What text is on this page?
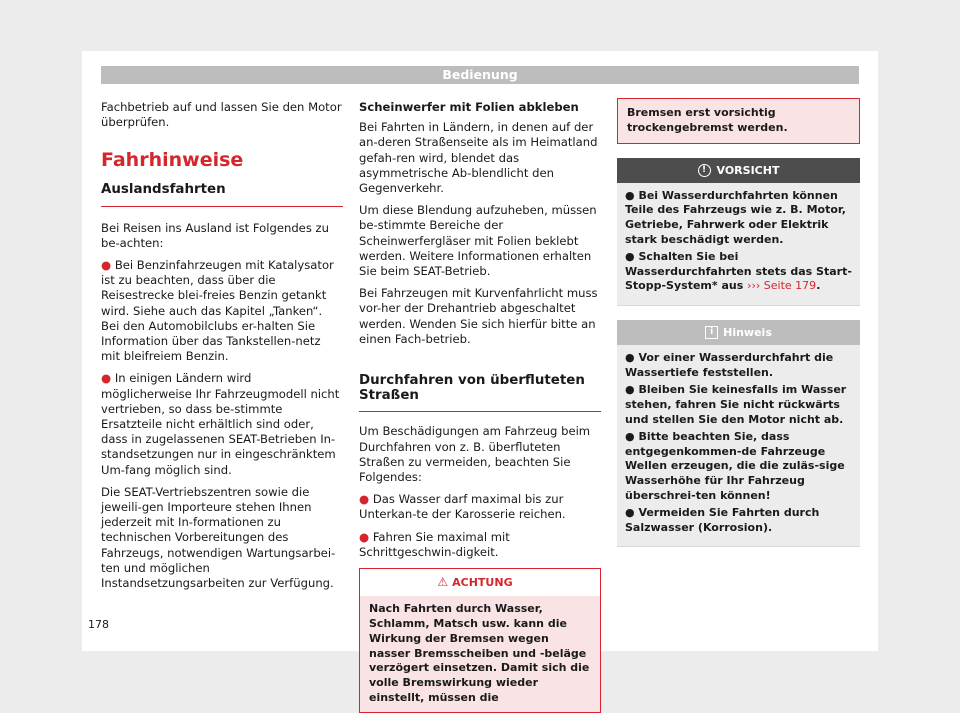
Bedienung

Fachbetrieb auf und lassen Sie den Motor überprüfen.

Fahrhinweise
Auslandsfahrten

Bei Reisen ins Ausland ist Folgendes zu be-achten:

● Bei Benzinfahrzeugen mit Katalysator ist zu beachten, dass über die Reisestrecke blei-freies Benzin getankt wird. Siehe auch das Kapitel „Tanken“. Bei den Automobilclubs er-halten Sie Information über das Tankstellen-netz mit bleifreiem Benzin.

● In einigen Ländern wird möglicherweise Ihr Fahrzeugmodell nicht vertrieben, so dass be-stimmte Ersatzteile nicht erhältlich sind oder, dass in zugelassenen SEAT-Betrieben In-standsetzungen nur in eingeschränktem Um-fang möglich sind.

Die SEAT-Vertriebszentren sowie die jeweili-gen Importeure stehen Ihnen jederzeit mit In-formationen zu technischen Vorbereitungen des Fahrzeugs, notwendigen Wartungsarbei-ten und möglichen Instandsetzungsarbeiten zur Verfügung.

Scheinwerfer mit Folien abkleben

Bei Fahrten in Ländern, in denen auf der an-deren Straßenseite als im Heimatland gefah-ren wird, blendet das asymmetrische Ab-blendlicht den Gegenverkehr.

Um diese Blendung aufzuheben, müssen be-stimmte Bereiche der Scheinwerfergläser mit Folien beklebt werden. Weitere Informationen erhalten Sie beim SEAT-Betrieb.

Bei Fahrzeugen mit Kurvenfahrlicht muss vor-her der Drehantrieb abgeschaltet werden. Wenden Sie sich hierfür bitte an einen Fach-betrieb.

Durchfahren von überfluteten Straßen

Um Beschädigungen am Fahrzeug beim Durchfahren von z. B. überfluteten Straßen zu vermeiden, beachten Sie Folgendes:

● Das Wasser darf maximal bis zur Unterkan-te der Karosserie reichen.

● Fahren Sie maximal mit Schrittgeschwin-digkeit.

⚠ ACHTUNG
Nach Fahrten durch Wasser, Schlamm, Matsch usw. kann die Wirkung der Bremsen wegen nasser Bremsscheiben und -beläge verzögert einsetzen. Damit sich die volle Bremswirkung wieder einstellt, müssen die
Bremsen erst vorsichtig trockengebremst werden.
! VORSICHT

● Bei Wasserdurchfahrten können Teile des Fahrzeugs wie z. B. Motor, Getriebe, Fahrwerk oder Elektrik stark beschädigt werden.

● Schalten Sie bei Wasserdurchfahrten stets das Start-Stopp-System* aus ››› Seite 179.

i Hinweis

● Vor einer Wasserdurchfahrt die Wassertiefe feststellen.

● Bleiben Sie keinesfalls im Wasser stehen, fahren Sie nicht rückwärts und stellen Sie den Motor nicht ab.

● Bitte beachten Sie, dass entgegenkommen-de Fahrzeuge Wellen erzeugen, die die zuläs-sige Wasserhöhe für Ihr Fahrzeug überschrei-ten können!

● Vermeiden Sie Fahrten durch Salzwasser (Korrosion).

178
